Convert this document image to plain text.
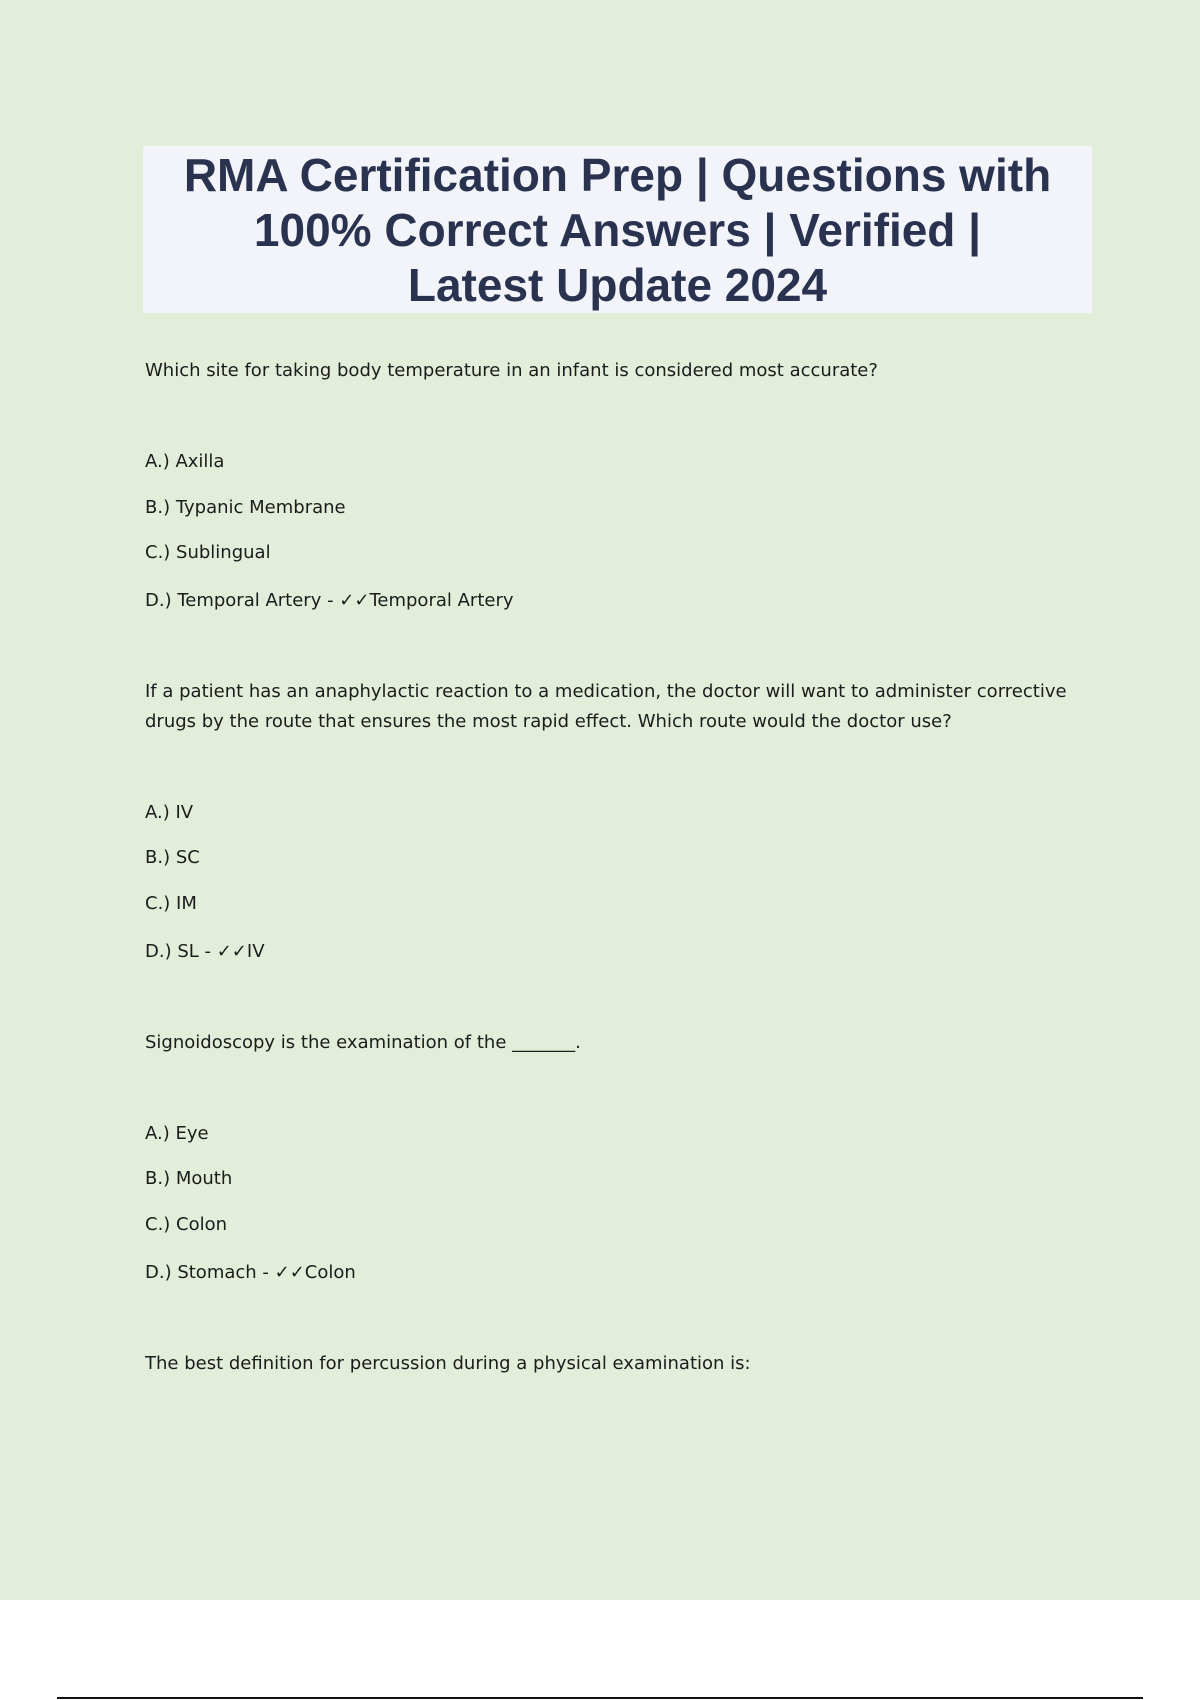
RMA Certification Prep | Questions with
100% Correct Answers | Verified |
Latest Update 2024

Which site for taking body temperature in an infant is considered most accurate?

A.) Axilla

B.) Typanic Membrane

C.) Sublingual

D.) Temporal Artery - ✓✓Temporal Artery

If a patient has an anaphylactic reaction to a medication, the doctor will want to administer corrective drugs by the route that ensures the most rapid effect. Which route would the doctor use?

A.) IV

B.) SC

C.) IM

D.) SL - ✓✓IV

Signoidoscopy is the examination of the _______.

A.) Eye

B.) Mouth

C.) Colon

D.) Stomach - ✓✓Colon

The best definition for percussion during a physical examination is:
